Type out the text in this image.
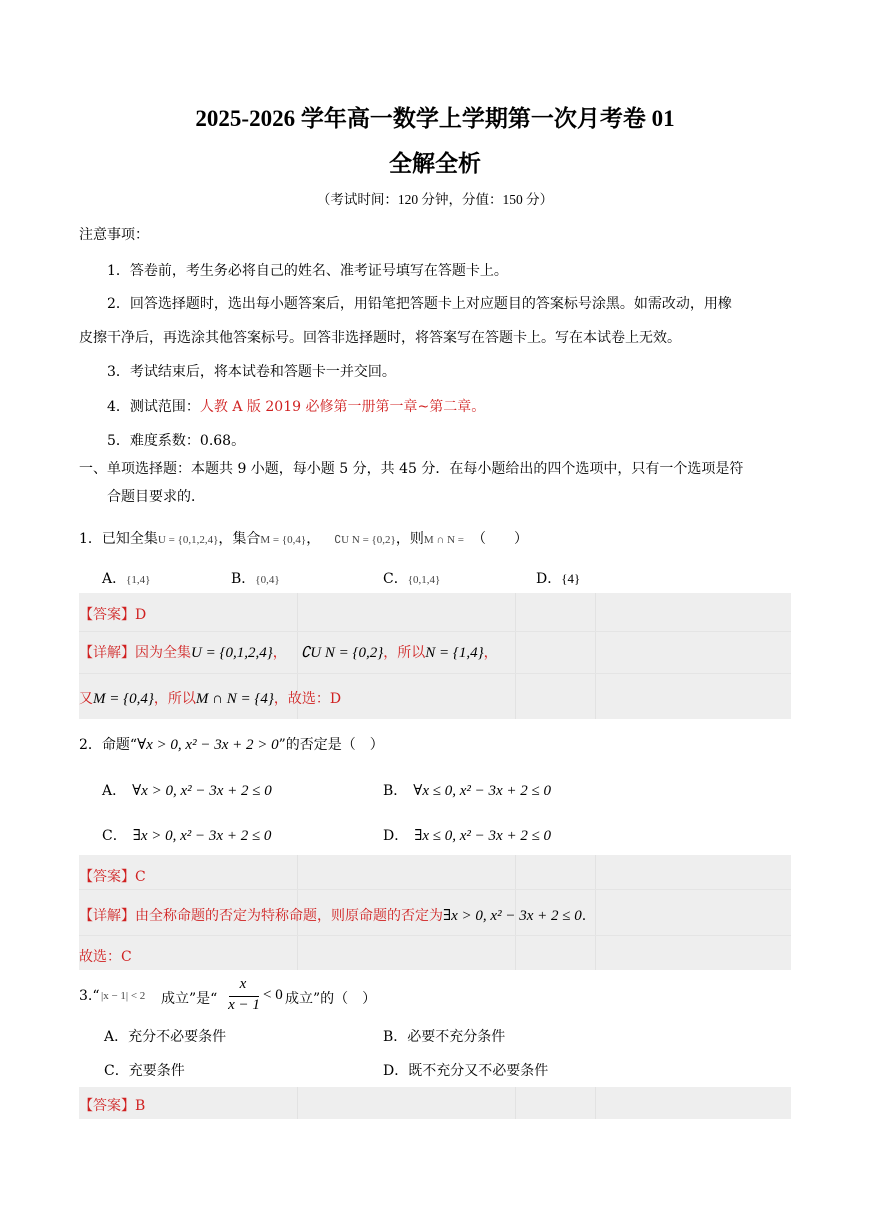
2025-2026 学年高一数学上学期第一次月考卷 01
全解全析
（考试时间：120 分钟，分值：150 分）
注意事项：
1．答卷前，考生务必将自己的姓名、准考证号填写在答题卡上。
2．回答选择题时，选出每小题答案后，用铅笔把答题卡上对应题目的答案标号涂黑。如需改动，用橡
皮擦干净后，再选涂其他答案标号。回答非选择题时，将答案写在答题卡上。写在本试卷上无效。
3．考试结束后，将本试卷和答题卡一并交回。
4．测试范围：人教 A 版 2019 必修第一册第一章~第二章。
5．难度系数：0.68。
一、单项选择题：本题共 9 小题，每小题 5 分，共 45 分．在每小题给出的四个选项中，只有一个选项是符
合题目要求的．
1．已知全集U = {0,1,2,4}，集合M = {0,4}， ∁U N = {0,2}，则M ∩ N = （　　）
A．{1,4}	B．{0,4}	C．{0,1,4}	D．{4}
【答案】D
【详解】因为全集U = {0,1,2,4}， ∁U N = {0,2}，所以N = {1,4}，
又M = {0,4}，所以M ∩ N = {4}，故选：D
2．命题“∀x > 0, x² − 3x + 2 > 0”的否定是（　）
A． ∀x > 0, x² − 3x + 2 ≤ 0	B． ∀x ≤ 0, x² − 3x + 2 ≤ 0
C． ∃x > 0, x² − 3x + 2 ≤ 0	D． ∃x ≤ 0, x² − 3x + 2 ≤ 0
【答案】C
【详解】由全称命题的否定为特称命题，则原命题的否定为∃x > 0, x² − 3x + 2 ≤ 0.
故选：C
3.“ |x − 1| < 2 成立”是“
x
x − 1
< 0 成立”的（　）
A．充分不必要条件	B．必要不充分条件
C．充要条件	D．既不充分又不必要条件
【答案】B
